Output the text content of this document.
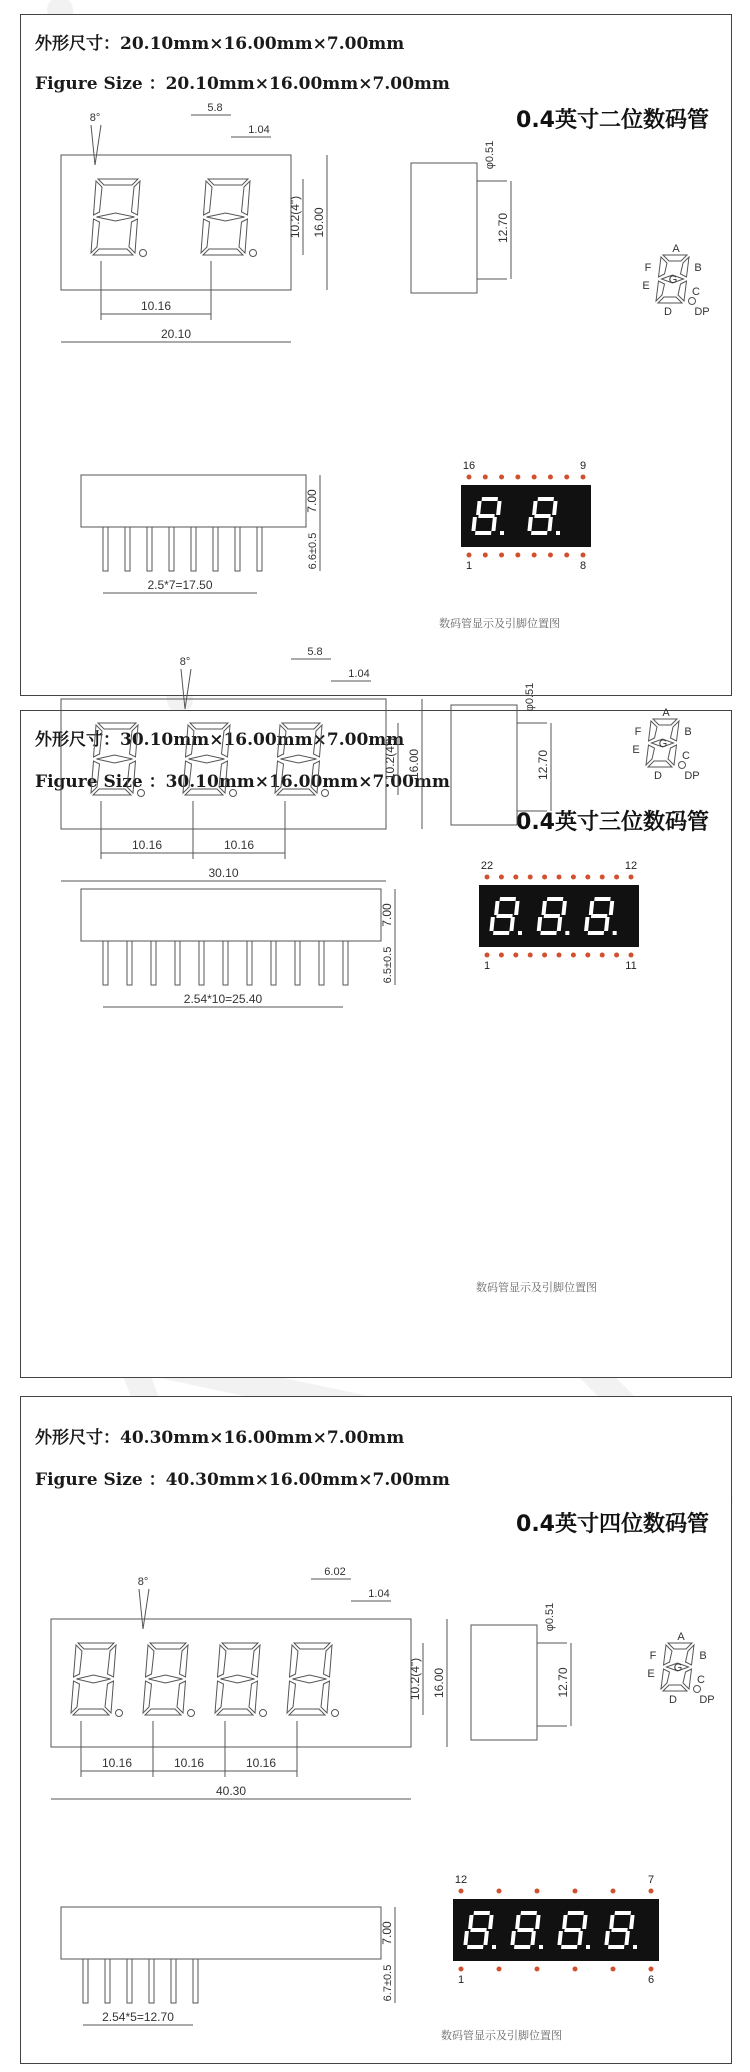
外形尺寸：20.10mm×16.00mm×7.00mm
Figure Size ：20.10mm×16.00mm×7.00mm
0.4英寸二位数码管
8°
5.8
1.04
10.16
20.10
10.2(4") 16.00	12.70
φ0.51
A
F	B
G
E	C
D DP
7.00
6.6±0.5
2.5*7=17.50
16	9
1	8
数码管显示及引脚位置图
外形尺寸：30.10mm×16.00mm×7.00mm
Figure Size ：30.10mm×16.00mm×7.00mm
0.4英寸三位数码管
8°
5.8
1.04
10.16	10.16
30.10
10.2(4") 16.00	12.70
φ0.51
A
F	B
G
E	C
D DP
7.00
6.5±0.5
2.54*10=25.40
22	12
1	11
数码管显示及引脚位置图
外形尺寸：40.30mm×16.00mm×7.00mm
Figure Size ：40.30mm×16.00mm×7.00mm
0.4英寸四位数码管
8°
6.02
1.04
10.16	10.16	10.16
40.30
10.2(4") 16.00	12.70
φ0.51
A
F	B
G
E	C
D DP
7.00
6.7±0.5
2.54*5=12.70
12	7
1	6
数码管显示及引脚位置图
